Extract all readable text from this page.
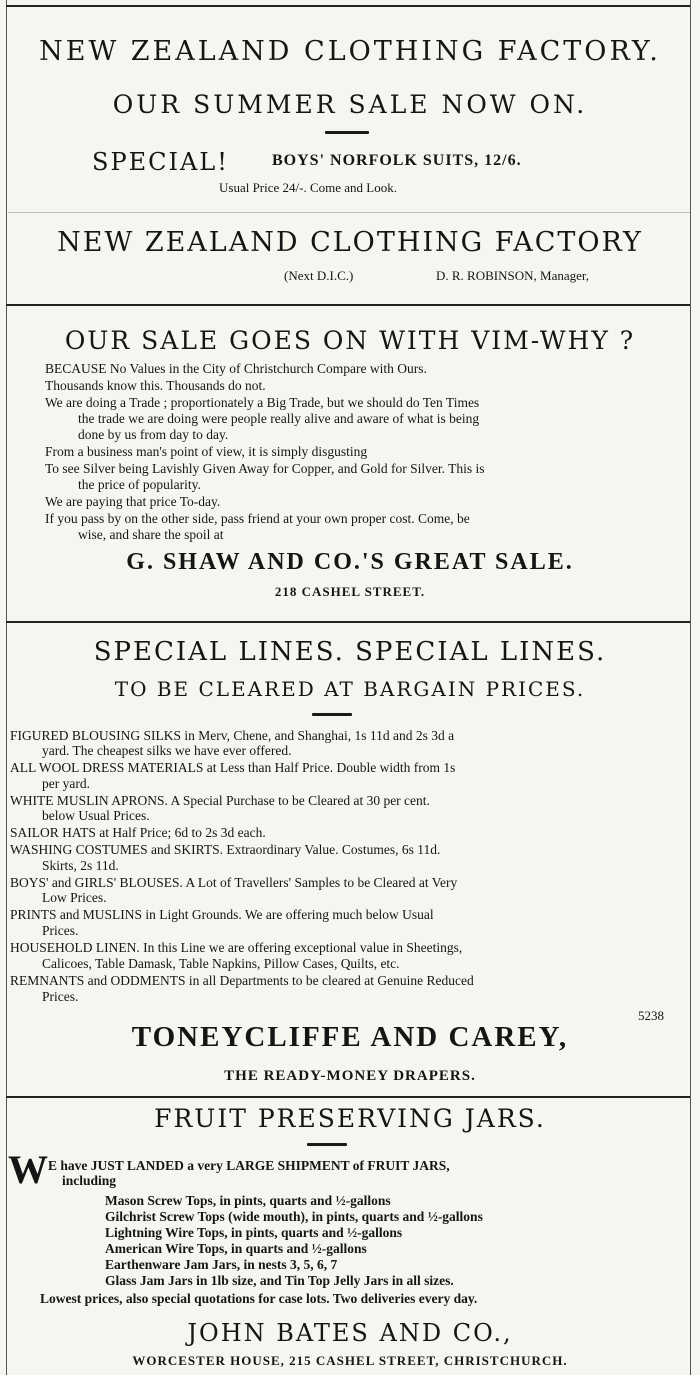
NEW ZEALAND CLOTHING FACTORY.
OUR SUMMER SALE NOW ON.
SPECIAL!	BOYS' NORFOLK SUITS, 12/6.
Usual Price 24/-. Come and Look.
NEW ZEALAND CLOTHING FACTORY
(Next D.I.C.)	D. R. ROBINSON, Manager,
OUR SALE GOES ON WITH VIM-WHY ?
BECAUSE No Values in the City of Christchurch Compare with Ours.
Thousands know this. Thousands do not.
We are doing a Trade ; proportionately a Big Trade, but we should do Ten Times
the trade we are doing were people really alive and aware of what is being
done by us from day to day.
From a business man's point of view, it is simply disgusting
To see Silver being Lavishly Given Away for Copper, and Gold for Silver. This is
the price of popularity.
We are paying that price To-day.
If you pass by on the other side, pass friend at your own proper cost. Come, be
wise, and share the spoil at
G. SHAW AND CO.'S GREAT SALE.
218 CASHEL STREET.
SPECIAL LINES. SPECIAL LINES.
TO BE CLEARED AT BARGAIN PRICES.
FIGURED BLOUSING SILKS in Merv, Chene, and Shanghai, 1s 11d and 2s 3d a
yard. The cheapest silks we have ever offered.
ALL WOOL DRESS MATERIALS at Less than Half Price. Double width from 1s
per yard.
WHITE MUSLIN APRONS. A Special Purchase to be Cleared at 30 per cent.
below Usual Prices.
SAILOR HATS at Half Price; 6d to 2s 3d each.
WASHING COSTUMES and SKIRTS. Extraordinary Value. Costumes, 6s 11d.
Skirts, 2s 11d.
BOYS' and GIRLS' BLOUSES. A Lot of Travellers' Samples to be Cleared at Very
Low Prices.
PRINTS and MUSLINS in Light Grounds. We are offering much below Usual
Prices.
HOUSEHOLD LINEN. In this Line we are offering exceptional value in Sheetings,
Calicoes, Table Damask, Table Napkins, Pillow Cases, Quilts, etc.
REMNANTS and ODDMENTS in all Departments to be cleared at Genuine Reduced
Prices.
5238
TONEYCLIFFE AND CAREY,
THE READY-MONEY DRAPERS.
FRUIT PRESERVING JARS.
W E have JUST LANDED a very LARGE SHIPMENT of FRUIT JARS,
including
Mason Screw Tops, in pints, quarts and ½-gallons
Gilchrist Screw Tops (wide mouth), in pints, quarts and ½-gallons
Lightning Wire Tops, in pints, quarts and ½-gallons
American Wire Tops, in quarts and ½-gallons
Earthenware Jam Jars, in nests 3, 5, 6, 7
Glass Jam Jars in 1lb size, and Tin Top Jelly Jars in all sizes.
Lowest prices, also special quotations for case lots. Two deliveries every day.
JOHN BATES AND CO.,
WORCESTER HOUSE, 215 CASHEL STREET, CHRISTCHURCH.
